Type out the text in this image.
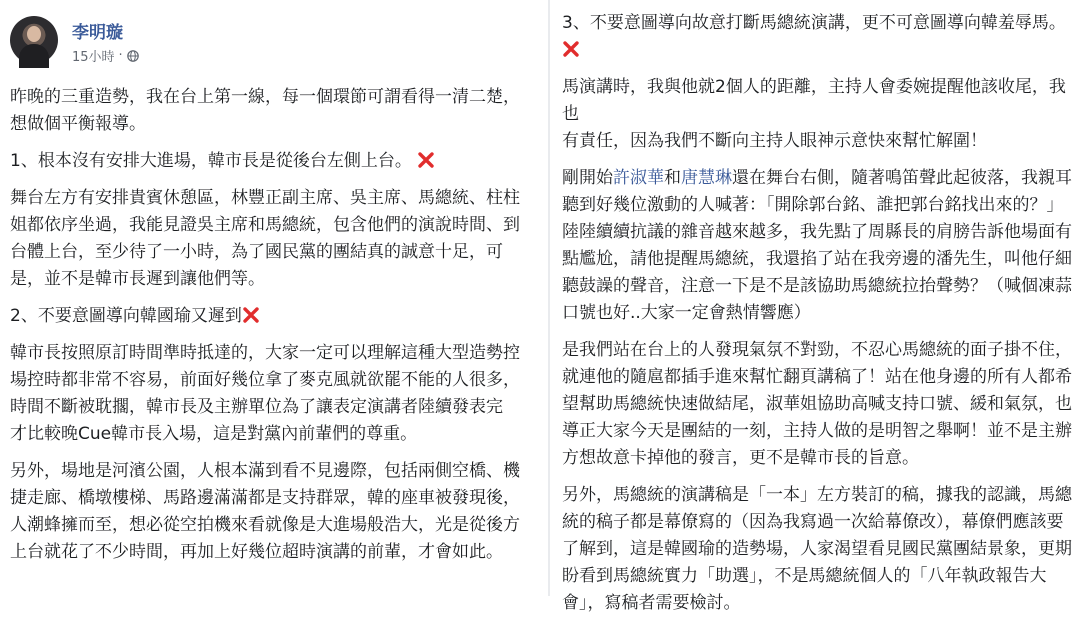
李明璇
15小時 ·

昨晚的三重造勢，我在台上第一線，每一個環節可謂看得一清二楚，
想做個平衡報導。

1、根本沒有安排大進場，韓市長是從後台左側上台。

舞台左方有安排貴賓休憩區，林豐正副主席、吳主席、馬總統、柱柱
姐都依序坐過，我能見證吳主席和馬總統，包含他們的演說時間、到
台體上台，至少待了一小時，為了國民黨的團結真的誠意十足，可
是，並不是韓市長遲到讓他們等。

2、不要意圖導向韓國瑜又遲到

韓市長按照原訂時間準時抵達的，大家一定可以理解這種大型造勢控
場控時都非常不容易，前面好幾位拿了麥克風就欲罷不能的人很多，
時間不斷被耽擱，韓市長及主辦單位為了讓表定演講者陸續發表完
才比較晚Cue韓市長入場，這是對黨內前輩們的尊重。

另外，場地是河濱公園，人根本滿到看不見邊際，包括兩側空橋、機
捷走廊、橋墩樓梯、馬路邊滿滿都是支持群眾，韓的座車被發現後，
人潮蜂擁而至，想必從空拍機來看就像是大進場般浩大，光是從後方
上台就花了不少時間，再加上好幾位超時演講的前輩，才會如此。

3、不要意圖導向故意打斷馬總統演講，更不可意圖導向韓羞辱馬。

馬演講時，我與他就2個人的距離，主持人會委婉提醒他該收尾，我也
有責任，因為我們不斷向主持人眼神示意快來幫忙解圍！

剛開始許淑華和唐慧琳還在舞台右側，隨著鳴笛聲此起彼落，我親耳
聽到好幾位激動的人喊著：「開除郭台銘、誰把郭台銘找出來的？」
陸陸續續抗議的雜音越來越多，我先點了周縣長的肩膀告訴他場面有
點尷尬，請他提醒馬總統，我還掐了站在我旁邊的潘先生，叫他仔細
聽鼓譟的聲音，注意一下是不是該協助馬總統拉抬聲勢？（喊個凍蒜
口號也好..大家一定會熱情響應）

是我們站在台上的人發現氣氛不對勁，不忍心馬總統的面子掛不住，
就連他的隨扈都插手進來幫忙翻頁講稿了！站在他身邊的所有人都希
望幫助馬總統快速做結尾，淑華姐協助高喊支持口號、緩和氣氛，也
導正大家今天是團結的一刻，主持人做的是明智之舉啊！並不是主辦
方想故意卡掉他的發言，更不是韓市長的旨意。

另外，馬總統的演講稿是「一本」左方裝訂的稿，據我的認識，馬總
統的稿子都是幕僚寫的（因為我寫過一次給幕僚改），幕僚們應該要
了解到，這是韓國瑜的造勢場，人家渴望看見國民黨團結景象，更期
盼看到馬總統實力「助選」，不是馬總統個人的「八年執政報告大
會」，寫稿者需要檢討。
